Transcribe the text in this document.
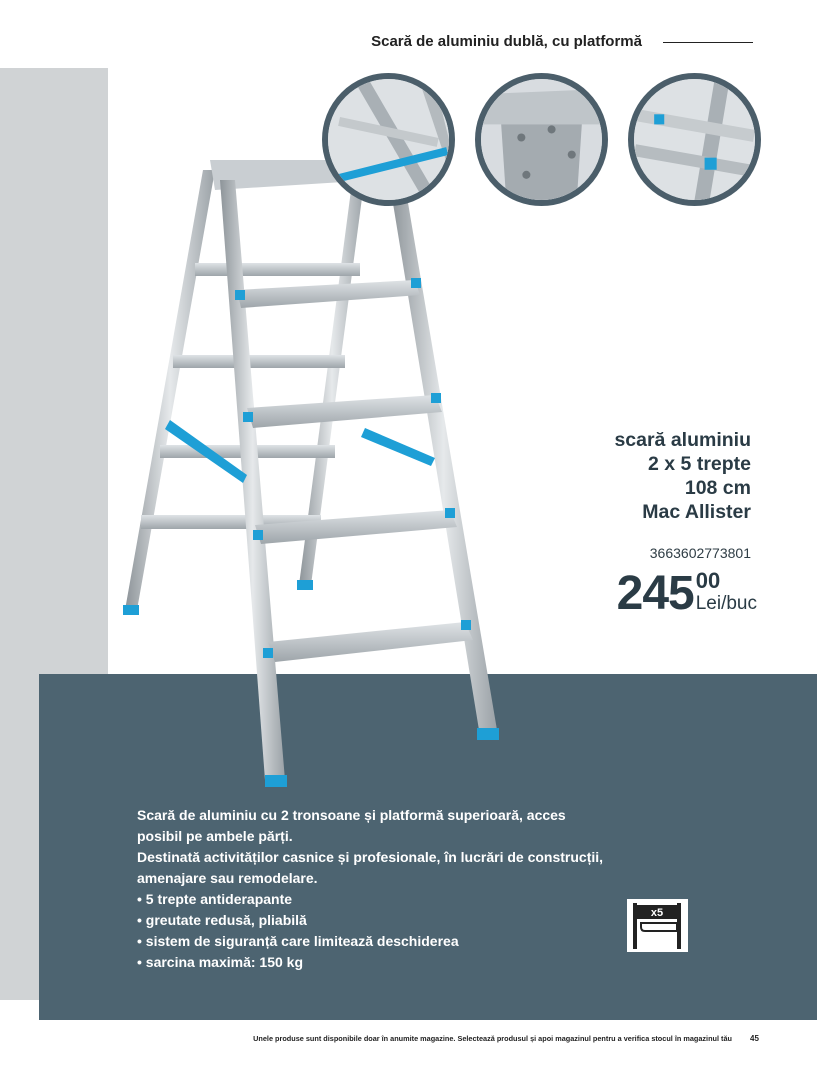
Scară de aluminiu dublă, cu platformă
scară aluminiu
2 x 5 trepte
108 cm
Mac Allister
3663602773801
245 00
Lei/buc

Scară de aluminiu cu 2 tronsoane și platformă superioară, acces posibil pe ambele părți.

Destinată activităților casnice și profesionale, în lucrări de construcții, amenajare sau remodelare.

• 5 trepte antiderapante
• greutate redusă, pliabilă
• sistem de siguranță care limitează deschiderea
• sarcina maximă: 150 kg
x5
Unele produse sunt disponibile doar în anumite magazine. Selectează produsul și apoi magazinul pentru a verifica stocul în magazinul tău 45
